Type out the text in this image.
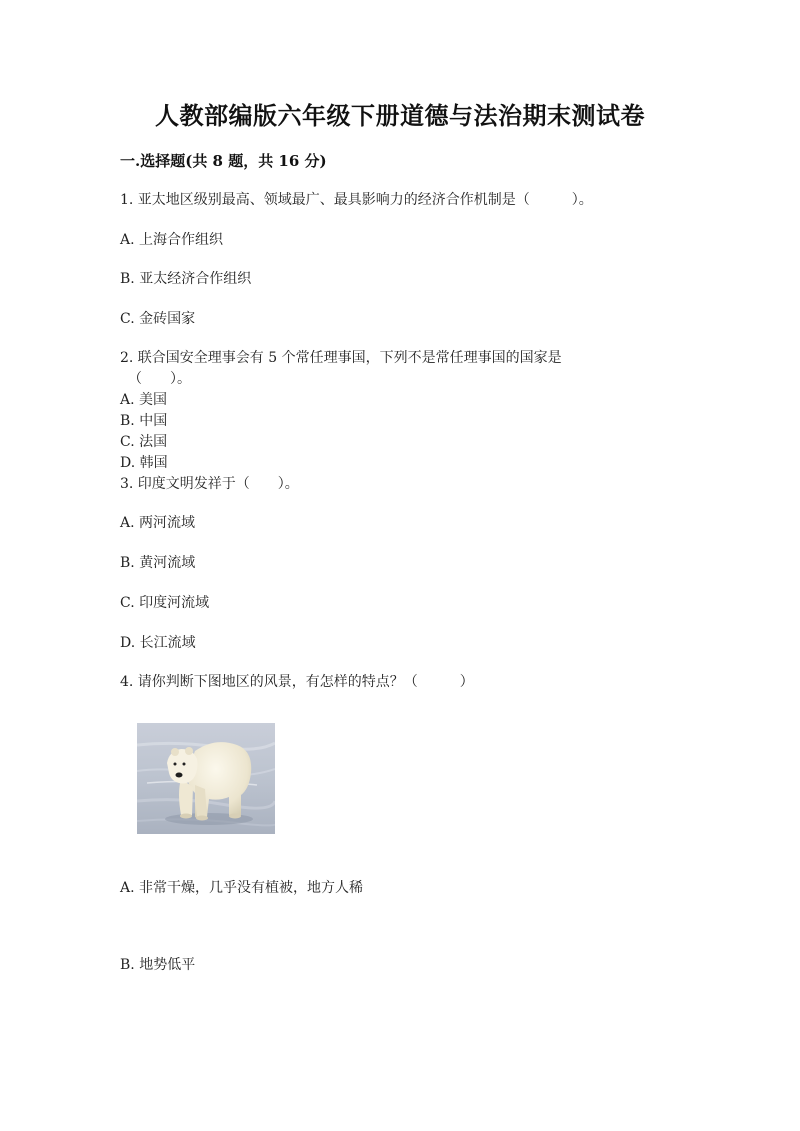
人教部编版六年级下册道德与法治期末测试卷
一.选择题(共 8 题，共 16 分)
1. 亚太地区级别最高、领域最广、最具影响力的经济合作机制是（　　　）。
A. 上海合作组织
B. 亚太经济合作组织
C. 金砖国家
2. 联合国安全理事会有 5 个常任理事国，下列不是常任理事国的国家是
（　　）。
A. 美国
B. 中国
C. 法国
D. 韩国
3. 印度文明发祥于（　　）。
A. 两河流域
B. 黄河流域
C. 印度河流域
D. 长江流域
4. 请你判断下图地区的风景，有怎样的特点？（　　　）
A. 非常干燥，几乎没有植被，地方人稀
B. 地势低平
